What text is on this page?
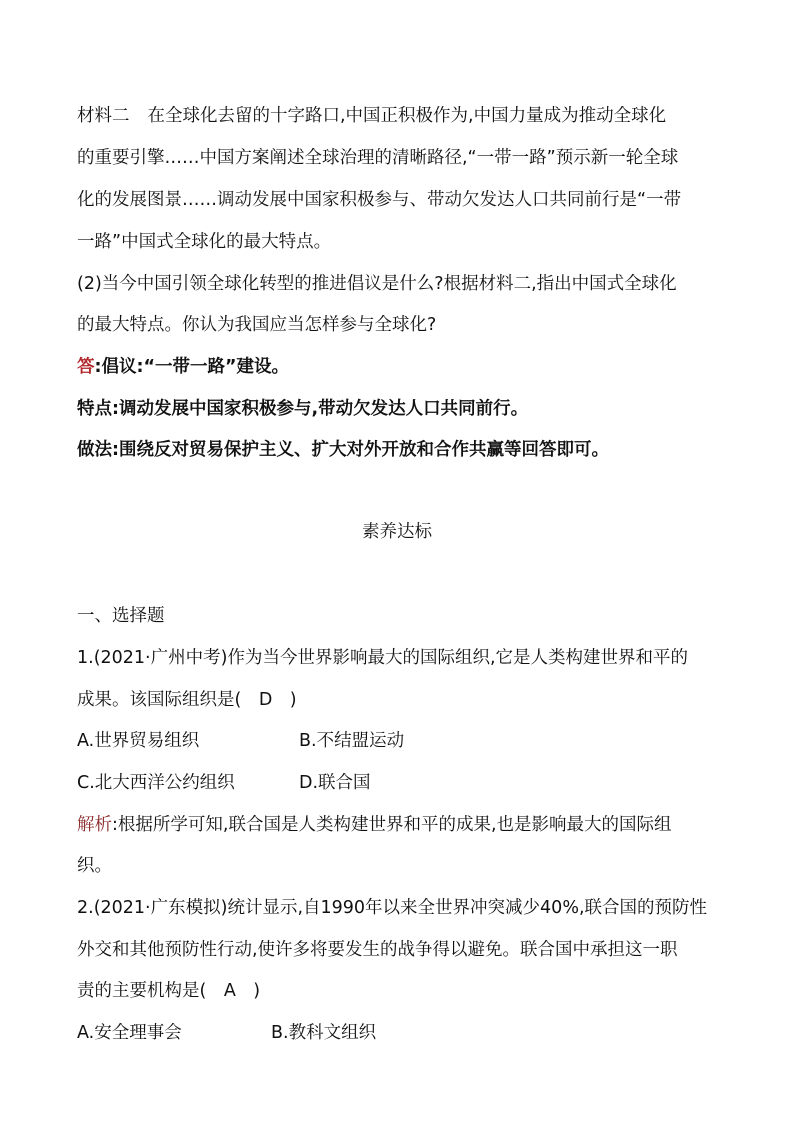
材料二 在全球化去留的十字路口,中国正积极作为,中国力量成为推动全球化
的重要引擎……中国方案阐述全球治理的清晰路径,“一带一路”预示新一轮全球
化的发展图景……调动发展中国家积极参与、带动欠发达人口共同前行是“一带
一路”中国式全球化的最大特点。
(2)当今中国引领全球化转型的推进倡议是什么?根据材料二,指出中国式全球化
的最大特点。你认为我国应当怎样参与全球化?
答:倡议:“一带一路”建设。
特点:调动发展中国家积极参与,带动欠发达人口共同前行。
做法:围绕反对贸易保护主义、扩大对外开放和合作共赢等回答即可。
素养达标
一、选择题
1.(2021·广州中考)作为当今世界影响最大的国际组织,它是人类构建世界和平的
成果。该国际组织是(　D　)
A.世界贸易组织	B.不结盟运动
C.北大西洋公约组织	D.联合国
解析:根据所学可知,联合国是人类构建世界和平的成果,也是影响最大的国际组
织。
2.(2021·广东模拟)统计显示,自1990年以来全世界冲突减少40%,联合国的预防性
外交和其他预防性行动,使许多将要发生的战争得以避免。联合国中承担这一职
责的主要机构是(　A　)
A.安全理事会	B.教科文组织
